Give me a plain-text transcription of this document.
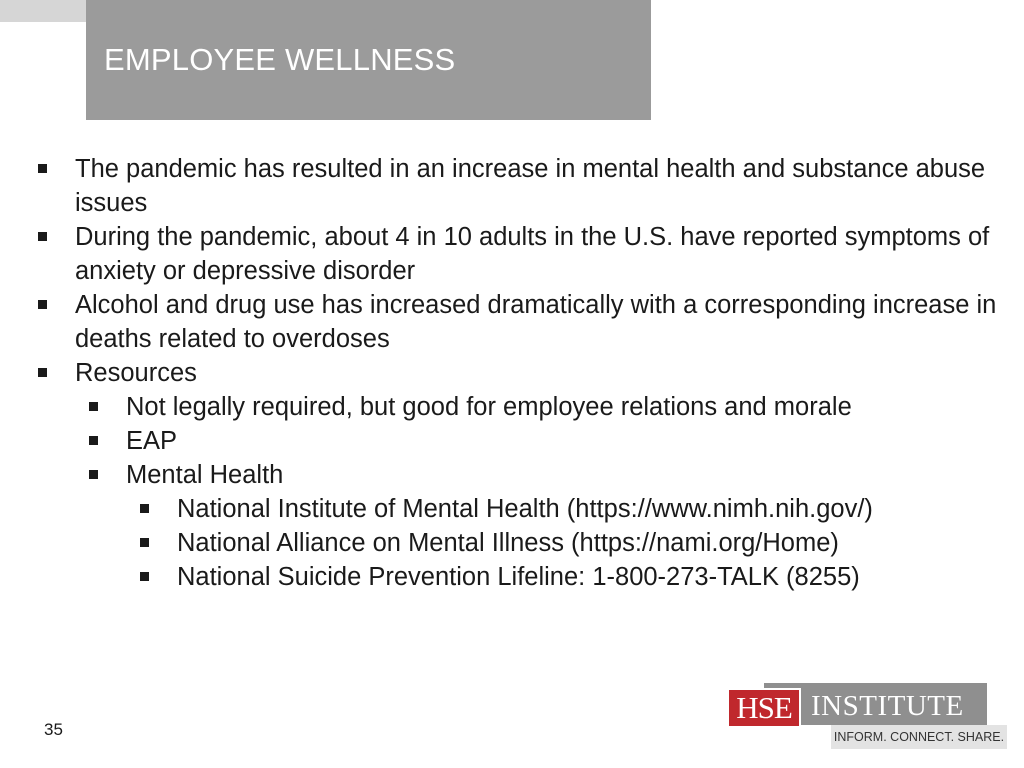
EMPLOYEE WELLNESS
The pandemic has resulted in an increase in mental health and substance abuse issues
During the pandemic, about 4 in 10 adults in the U.S. have reported symptoms of anxiety or depressive disorder
Alcohol and drug use has increased dramatically with a corresponding increase in deaths related to overdoses
Resources
Not legally required, but good for employee relations and morale
EAP
Mental Health
National Institute of Mental Health (https://www.nimh.nih.gov/)
National Alliance on Mental Illness (https://nami.org/Home)
National Suicide Prevention Lifeline: 1-800-273-TALK (8255)
35
HSE INSTITUTE
INFORM. CONNECT. SHARE.
